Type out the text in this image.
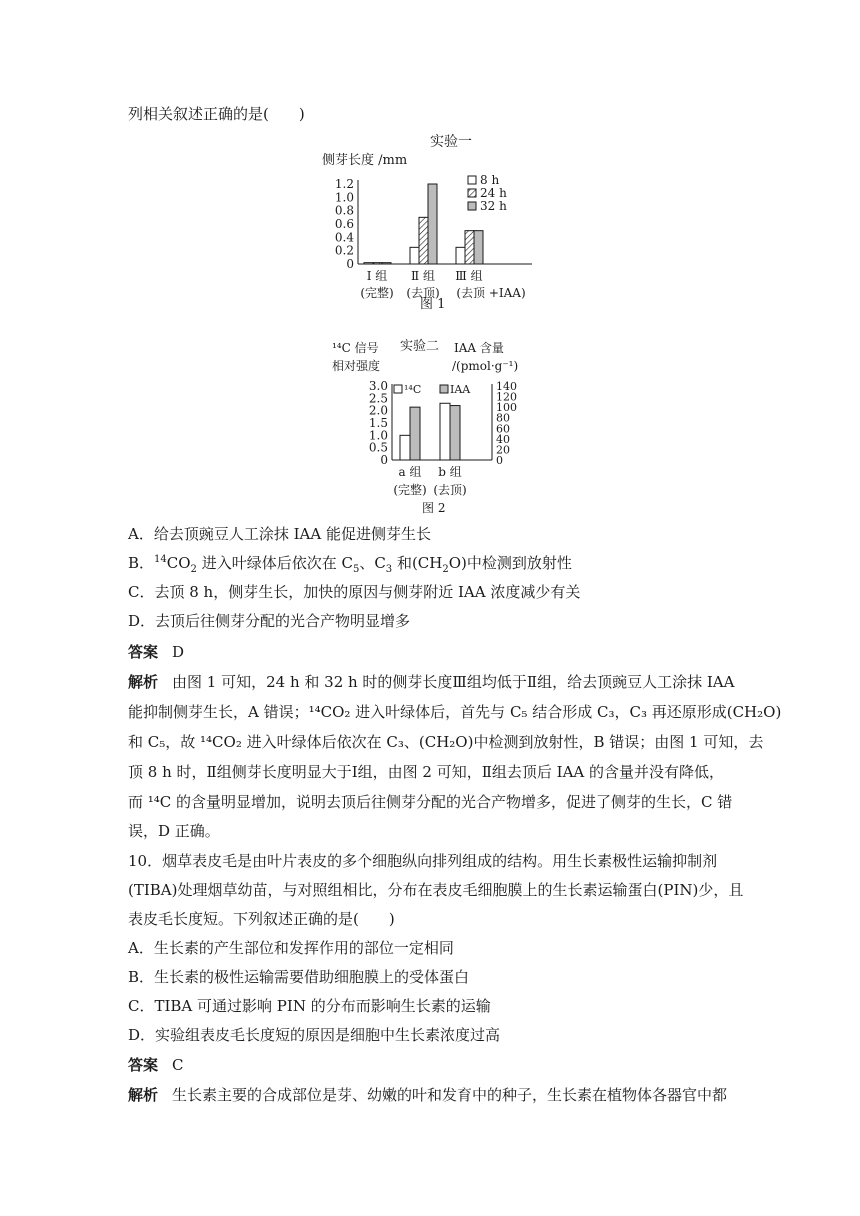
列相关叙述正确的是(　　)
实验一
侧芽长度 /mm
1.2
1.0
0.8
0.6
0.4
0.2
0
8 h
24 h
32 h
Ⅰ 组
(完整)
Ⅱ 组
(去顶)
Ⅲ 组
(去顶 +IAA)
图 1
¹⁴C 信号 实验二 IAA 含量
相对强度	/(pmol·g⁻¹)
3.0
2.5
2.0
1.5
1.0
0.5
0
140
120
100
80
60
40
20
0
¹⁴C	IAA
a 组
(完整)
b 组
(去顶)
图 2
A．给去顶豌豆人工涂抹 IAA 能促进侧芽生长
B．$^{14}CO_2$ 进入叶绿体后依次在 $C_5$、$C_3$ 和$(CH_2O)$中检测到放射性
C．去顶 8 h，侧芽生长，加快的原因与侧芽附近 IAA 浓度减少有关
D．去顶后往侧芽分配的光合产物明显增多
答案 D
解析 由图 1 可知，24 h 和 32 h 时的侧芽长度Ⅲ组均低于Ⅱ组，给去顶豌豆人工涂抹 IAA
能抑制侧芽生长，A 错误；¹⁴CO₂ 进入叶绿体后，首先与 C₅ 结合形成 C₃，C₃ 再还原形成(CH₂O)
和 C₅，故 ¹⁴CO₂ 进入叶绿体后依次在 C₃、(CH₂O)中检测到放射性，B 错误；由图 1 可知，去
顶 8 h 时，Ⅱ组侧芽长度明显大于Ⅰ组，由图 2 可知，Ⅱ组去顶后 IAA 的含量并没有降低，
而 ¹⁴C 的含量明显增加，说明去顶后往侧芽分配的光合产物增多，促进了侧芽的生长，C 错
误，D 正确。
10．烟草表皮毛是由叶片表皮的多个细胞纵向排列组成的结构。用生长素极性运输抑制剂
(TIBA)处理烟草幼苗，与对照组相比，分布在表皮毛细胞膜上的生长素运输蛋白(PIN)少，且
表皮毛长度短。下列叙述正确的是(　　)
A．生长素的产生部位和发挥作用的部位一定相同
B．生长素的极性运输需要借助细胞膜上的受体蛋白
C．TIBA 可通过影响 PIN 的分布而影响生长素的运输
D．实验组表皮毛长度短的原因是细胞中生长素浓度过高
答案 C
解析 生长素主要的合成部位是芽、幼嫩的叶和发育中的种子，生长素在植物体各器官中都
